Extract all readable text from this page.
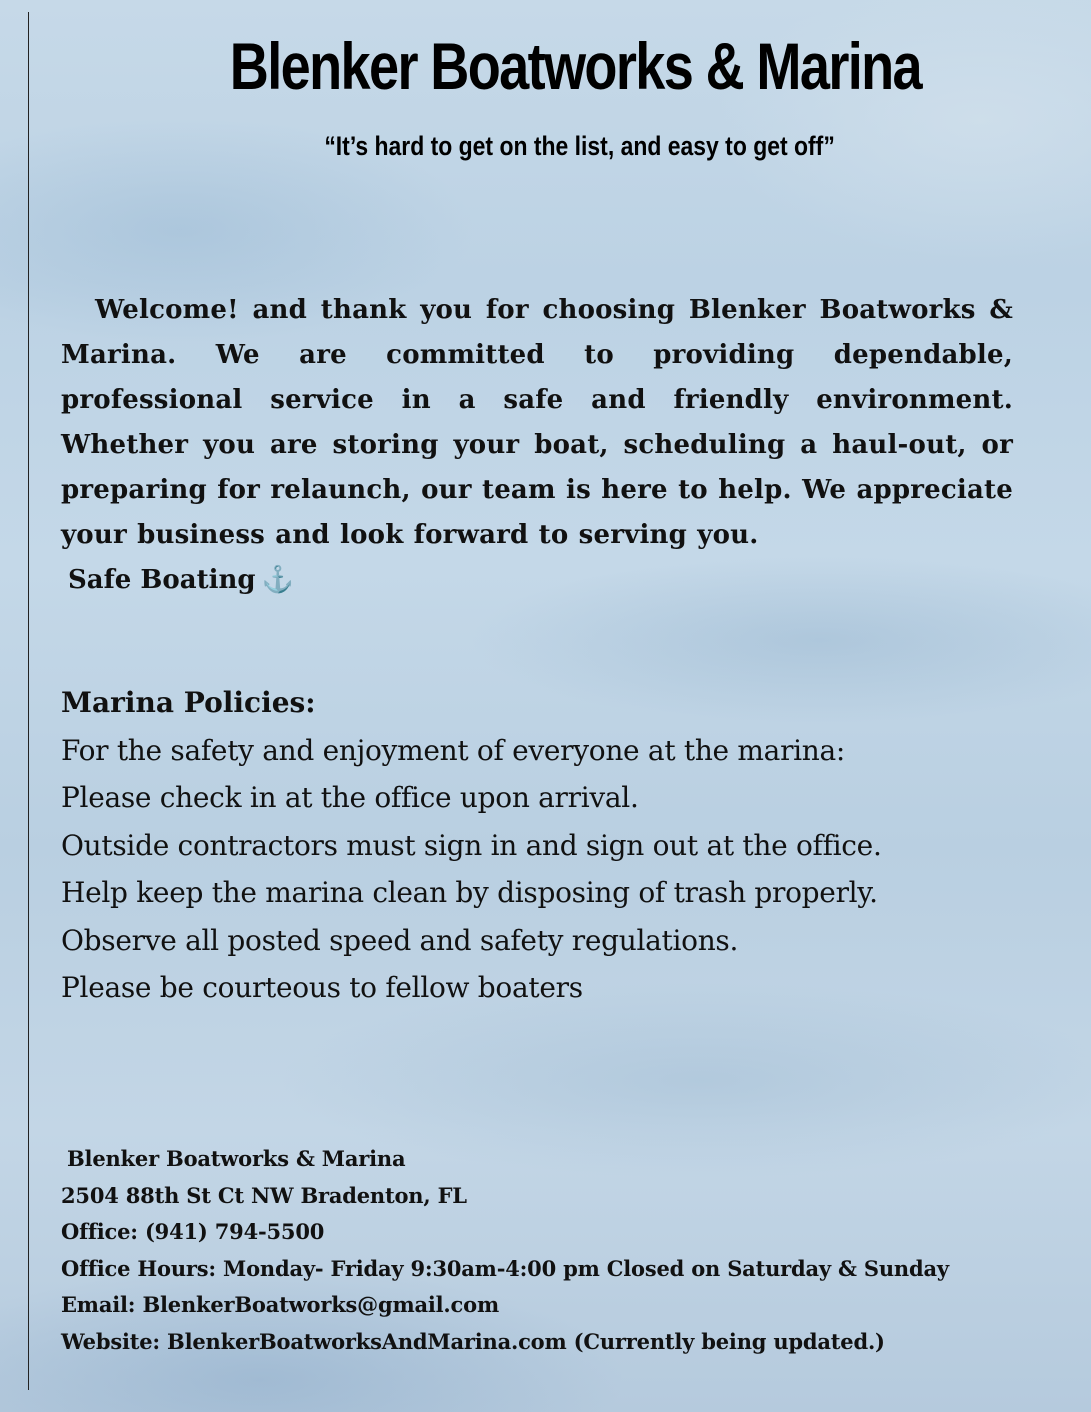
Blenker Boatworks & Marina
“It’s hard to get on the list, and easy to get off”

Welcome! and thank you for choosing Blenker Boatworks & Marina. We are committed to providing dependable, professional service in a safe and friendly environment. Whether you are storing your boat, scheduling a haul-out, or preparing for relaunch, our team is here to help. We appreciate your business and look forward to serving you.

Safe Boating ⚓
Marina Policies:
For the safety and enjoyment of everyone at the marina:
Please check in at the office upon arrival.
Outside contractors must sign in and sign out at the office.
Help keep the marina clean by disposing of trash properly.
Observe all posted speed and safety regulations.
Please be courteous to fellow boaters
Blenker Boatworks & Marina
2504 88th St Ct NW Bradenton, FL
Office: (941) 794-5500
Office Hours: Monday- Friday 9:30am-4:00 pm Closed on Saturday & Sunday
Email: BlenkerBoatworks@gmail.com
Website: BlenkerBoatworksAndMarina.com (Currently being updated.)
